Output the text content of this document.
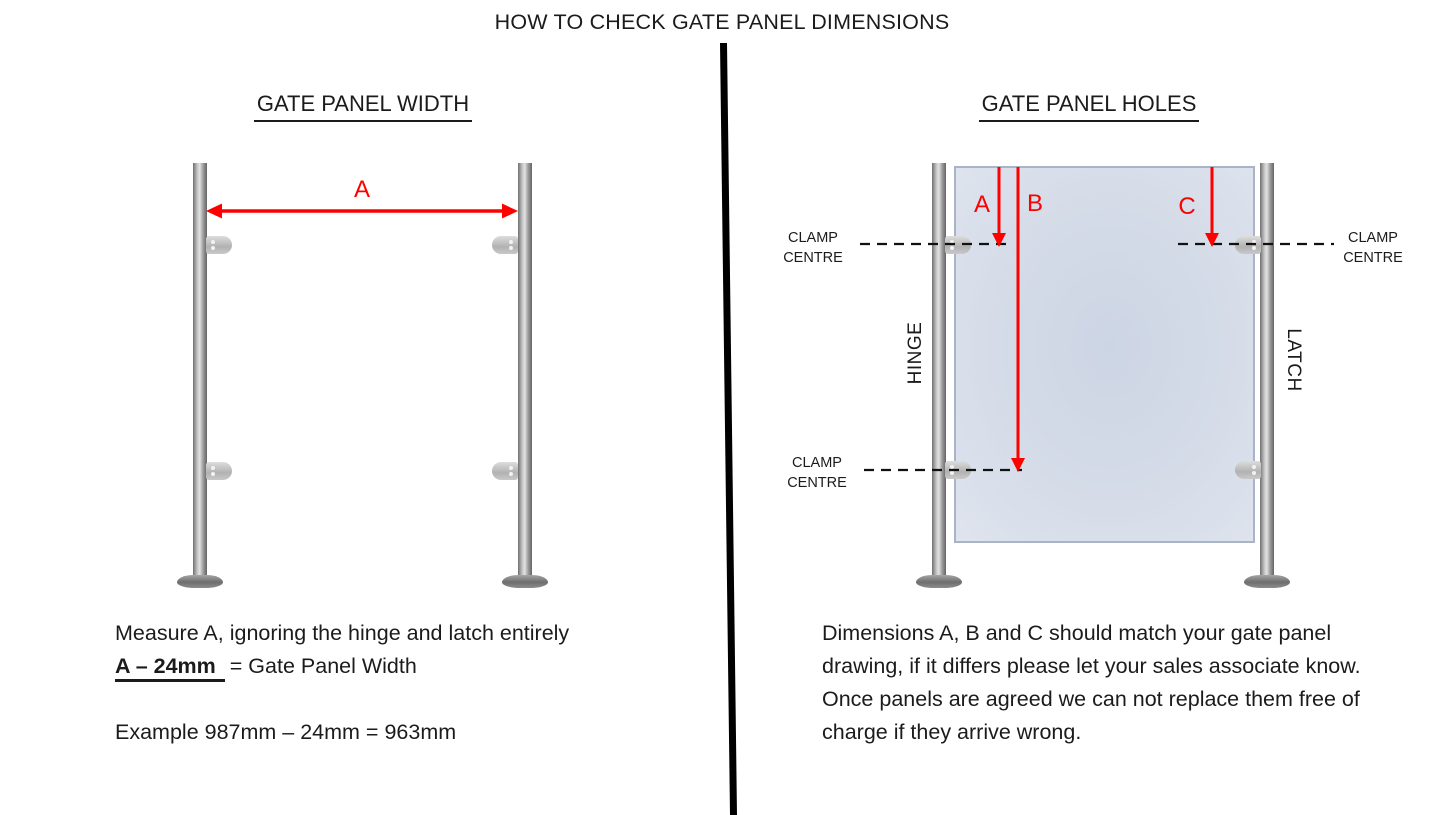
HOW TO CHECK GATE PANEL DIMENSIONS
GATE PANEL WIDTH
A
Measure A, ignoring the hinge and latch entirely
A – 24mm = Gate Panel Width
Example 987mm – 24mm = 963mm
GATE PANEL HOLES
A B	C
CLAMP CENTRE
CLAMP CENTRE
CLAMP CENTRE
HINGE	LATCH
Dimensions A, B and C should match your gate panel drawing, if it differs please let your sales associate know. Once panels are agreed we can not replace them free of charge if they arrive wrong.
